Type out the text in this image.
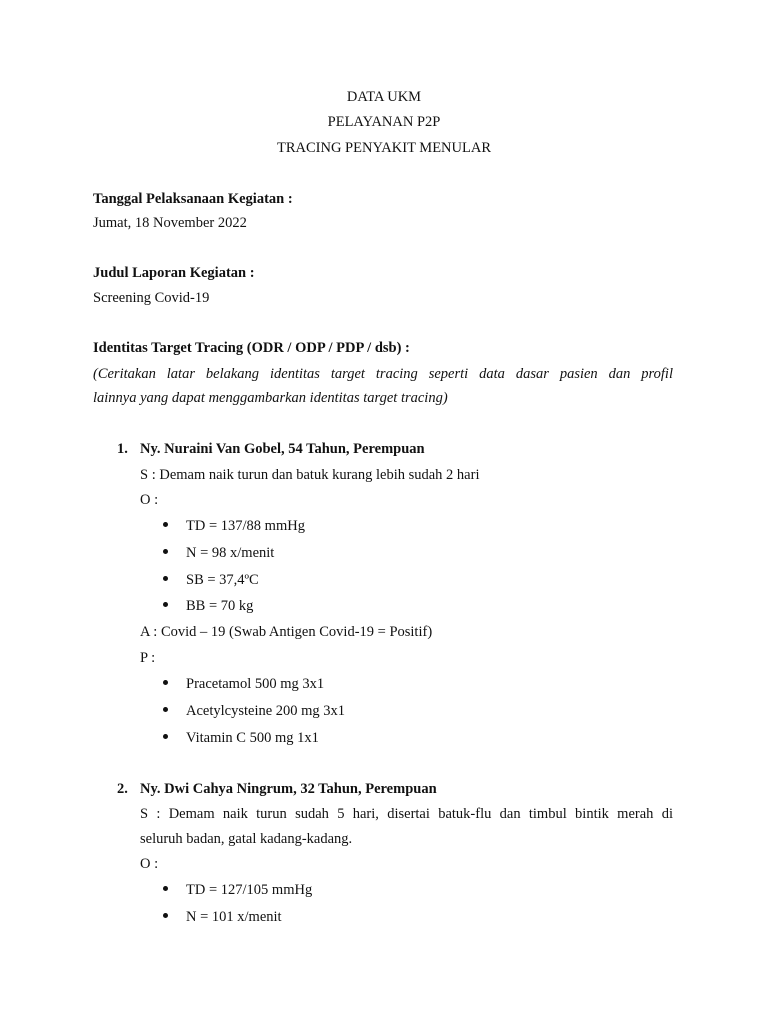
DATA UKM
PELAYANAN P2P
TRACING PENYAKIT MENULAR
Tanggal Pelaksanaan Kegiatan :
Jumat, 18 November 2022
Judul Laporan Kegiatan :
Screening Covid-19
Identitas Target Tracing (ODR / ODP / PDP / dsb) :
(Ceritakan latar belakang identitas target tracing seperti data dasar pasien dan profil
lainnya yang dapat menggambarkan identitas target tracing)
1. Ny. Nuraini Van Gobel, 54 Tahun, Perempuan
S : Demam naik turun dan batuk kurang lebih sudah 2 hari
O :
TD = 137/88 mmHg
N = 98 x/menit
SB = 37,4ºC
BB = 70 kg
A : Covid – 19 (Swab Antigen Covid-19 = Positif)
P :
Pracetamol 500 mg 3x1
Acetylcysteine 200 mg 3x1
Vitamin C 500 mg 1x1
2. Ny. Dwi Cahya Ningrum, 32 Tahun, Perempuan
S : Demam naik turun sudah 5 hari, disertai batuk-flu dan timbul bintik merah di
seluruh badan, gatal kadang-kadang.
O :
TD = 127/105 mmHg
N = 101 x/menit
